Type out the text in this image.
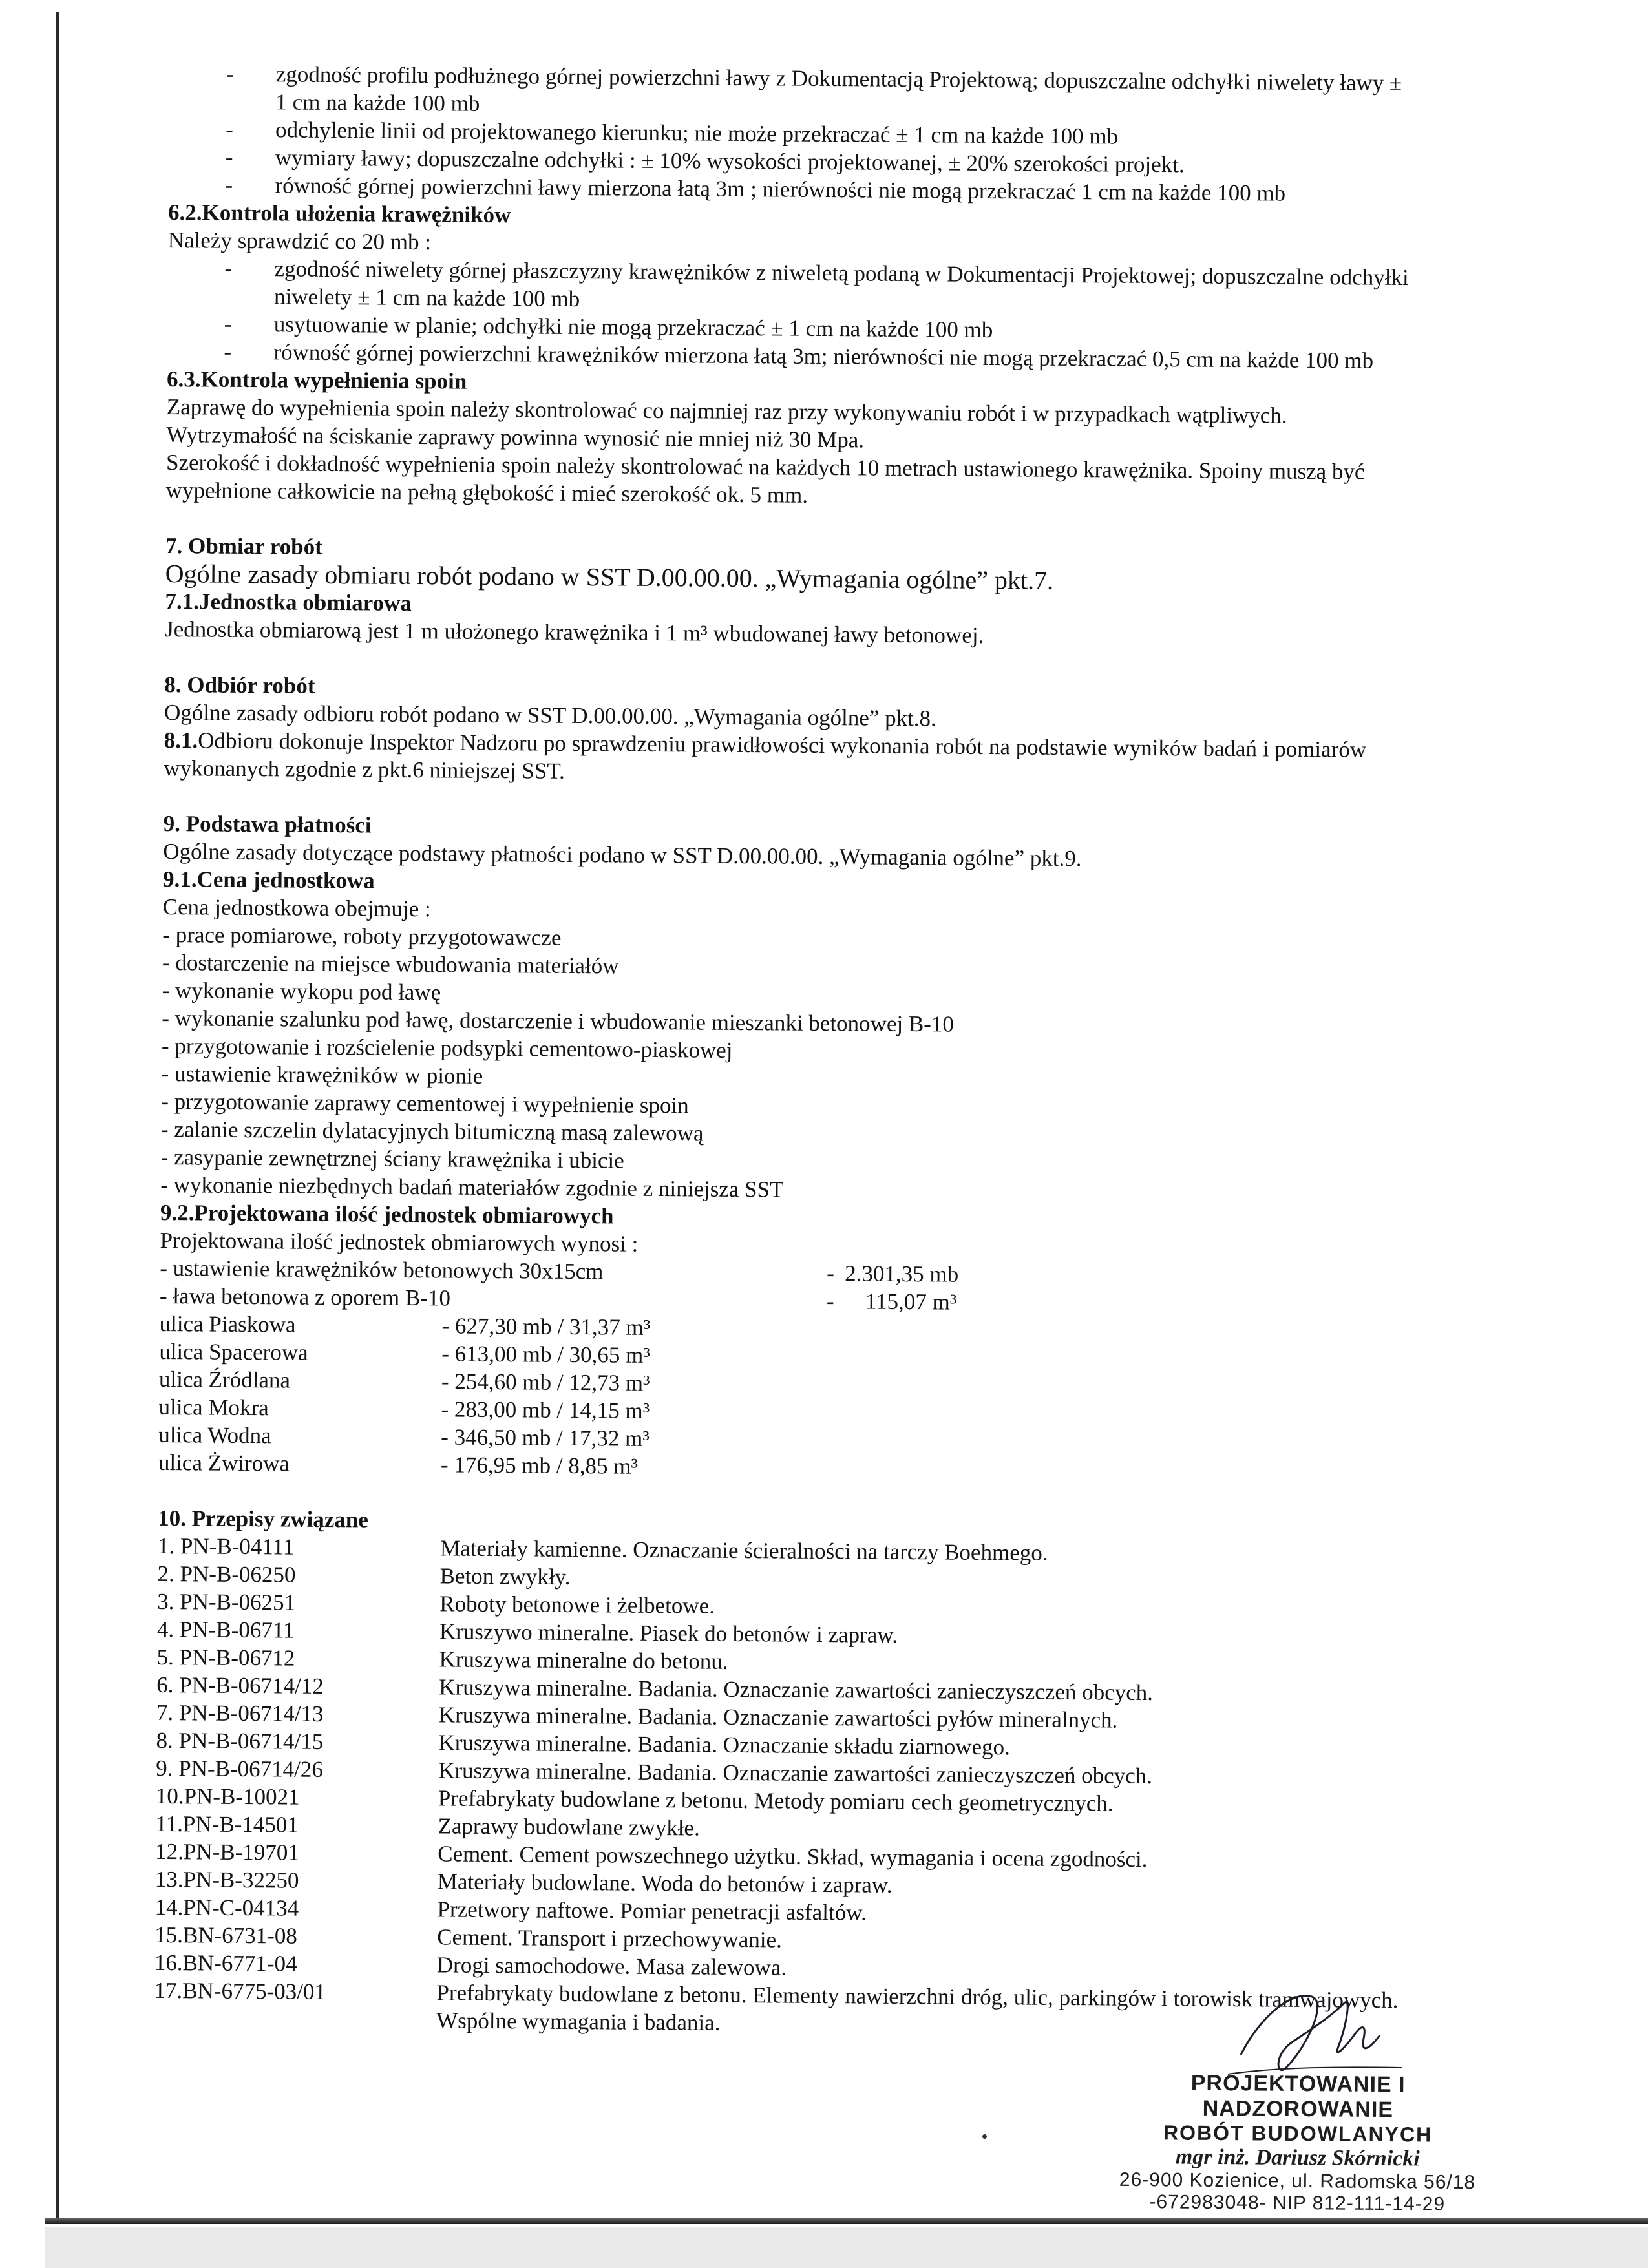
- zgodność profilu podłużnego górnej powierzchni ławy z Dokumentacją Projektową; dopuszczalne odchyłki niwelety ławy ± 1 cm na każde 100 mb
- odchylenie linii od projektowanego kierunku; nie może przekraczać ± 1 cm na każde 100 mb
- wymiary ławy; dopuszczalne odchyłki : ± 10% wysokości projektowanej, ± 20% szerokości projekt.
- równość górnej powierzchni ławy mierzona łatą 3m ; nierówności nie mogą przekraczać 1 cm na każde 100 mb
6.2.Kontrola ułożenia krawężników
Należy sprawdzić co 20 mb :
- zgodność niwelety górnej płaszczyzny krawężników z niweletą podaną w Dokumentacji Projektowej; dopuszczalne odchyłki niwelety ± 1 cm na każde 100 mb
- usytuowanie w planie; odchyłki nie mogą przekraczać ± 1 cm na każde 100 mb
- równość górnej powierzchni krawężników mierzona łatą 3m; nierówności nie mogą przekraczać 0,5 cm na każde 100 mb
6.3.Kontrola wypełnienia spoin
Zaprawę do wypełnienia spoin należy skontrolować co najmniej raz przy wykonywaniu robót i w przypadkach wątpliwych.
Wytrzymałość na ściskanie zaprawy powinna wynosić nie mniej niż 30 Mpa.
Szerokość i dokładność wypełnienia spoin należy skontrolować na każdych 10 metrach ustawionego krawężnika. Spoiny muszą być wypełnione całkowicie na pełną głębokość i mieć szerokość ok. 5 mm.
7. Obmiar robót
Ogólne zasady obmiaru robót podano w SST D.00.00.00. „Wymagania ogólne” pkt.7.
7.1.Jednostka obmiarowa
Jednostka obmiarową jest 1 m ułożonego krawężnika i 1 m³ wbudowanej ławy betonowej.
8. Odbiór robót
Ogólne zasady odbioru robót podano w SST D.00.00.00. „Wymagania ogólne” pkt.8.
8.1.Odbioru dokonuje Inspektor Nadzoru po sprawdzeniu prawidłowości wykonania robót na podstawie wyników badań i pomiarów wykonanych zgodnie z pkt.6 niniejszej SST.
9. Podstawa płatności
Ogólne zasady dotyczące podstawy płatności podano w SST D.00.00.00. „Wymagania ogólne” pkt.9.
9.1.Cena jednostkowa
Cena jednostkowa obejmuje :
- prace pomiarowe, roboty przygotowawcze
- dostarczenie na miejsce wbudowania materiałów
- wykonanie wykopu pod ławę
- wykonanie szalunku pod ławę, dostarczenie i wbudowanie mieszanki betonowej B-10
- przygotowanie i rozścielenie podsypki cementowo-piaskowej
- ustawienie krawężników w pionie
- przygotowanie zaprawy cementowej i wypełnienie spoin
- zalanie szczelin dylatacyjnych bitumiczną masą zalewową
- zasypanie zewnętrznej ściany krawężnika i ubicie
- wykonanie niezbędnych badań materiałów zgodnie z niniejsza SST
9.2.Projektowana ilość jednostek obmiarowych
Projektowana ilość jednostek obmiarowych wynosi :
- ustawienie krawężników betonowych 30x15cm	- 2.301,35 mb
- ława betonowa z oporem B-10	-	115,07 m³
ulica Piaskowa	- 627,30 mb / 31,37 m³
ulica Spacerowa	- 613,00 mb / 30,65 m³
ulica Źródlana	- 254,60 mb / 12,73 m³
ulica Mokra	- 283,00 mb / 14,15 m³
ulica Wodna	- 346,50 mb / 17,32 m³
ulica Żwirowa	- 176,95 mb / 8,85 m³
10. Przepisy związane
1. PN-B-04111	Materiały kamienne. Oznaczanie ścieralności na tarczy Boehmego.
2. PN-B-06250	Beton zwykły.
3. PN-B-06251	Roboty betonowe i żelbetowe.
4. PN-B-06711	Kruszywo mineralne. Piasek do betonów i zapraw.
5. PN-B-06712	Kruszywa mineralne do betonu.
6. PN-B-06714/12	Kruszywa mineralne. Badania. Oznaczanie zawartości zanieczyszczeń obcych.
7. PN-B-06714/13	Kruszywa mineralne. Badania. Oznaczanie zawartości pyłów mineralnych.
8. PN-B-06714/15	Kruszywa mineralne. Badania. Oznaczanie składu ziarnowego.
9. PN-B-06714/26	Kruszywa mineralne. Badania. Oznaczanie zawartości zanieczyszczeń obcych.
10.PN-B-10021	Prefabrykaty budowlane z betonu. Metody pomiaru cech geometrycznych.
11.PN-B-14501	Zaprawy budowlane zwykłe.
12.PN-B-19701	Cement. Cement powszechnego użytku. Skład, wymagania i ocena zgodności.
13.PN-B-32250	Materiały budowlane. Woda do betonów i zapraw.
14.PN-C-04134	Przetwory naftowe. Pomiar penetracji asfaltów.
15.BN-6731-08	Cement. Transport i przechowywanie.
16.BN-6771-04	Drogi samochodowe. Masa zalewowa.
17.BN-6775-03/01	Prefabrykaty budowlane z betonu. Elementy nawierzchni dróg, ulic, parkingów i torowisk tramwajowych. Wspólne wymagania i badania.
PROJEKTOWANIE I NADZOROWANIE
ROBÓT BUDOWLANYCH
mgr inż. Dariusz Skórnicki
26-900 Kozienice, ul. Radomska 56/18
-672983048- NIP 812-111-14-29
